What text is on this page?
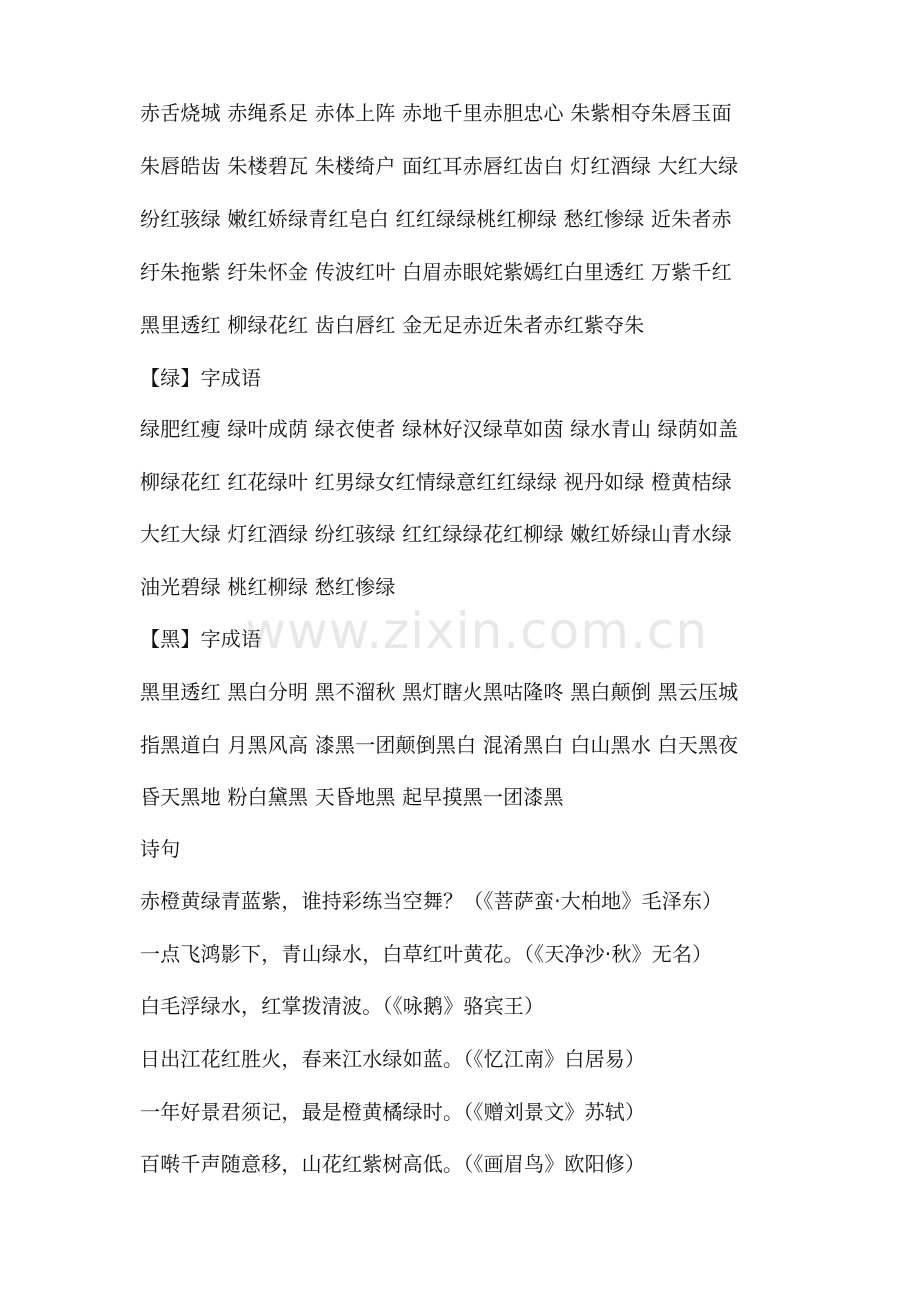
赤舌烧城 赤绳系足 赤体上阵 赤地千里赤胆忠心 朱紫相夺朱唇玉面
朱唇皓齿 朱楼碧瓦 朱楼绮户 面红耳赤唇红齿白 灯红酒绿 大红大绿
纷红骇绿 嫩红娇绿青红皂白 红红绿绿桃红柳绿 愁红惨绿 近朱者赤
纡朱拖紫 纡朱怀金 传波红叶 白眉赤眼姹紫嫣红白里透红 万紫千红
黑里透红 柳绿花红 齿白唇红 金无足赤近朱者赤红紫夺朱
【绿】字成语
绿肥红瘦 绿叶成荫 绿衣使者 绿林好汉绿草如茵 绿水青山 绿荫如盖
柳绿花红 红花绿叶 红男绿女红情绿意红红绿绿 视丹如绿 橙黄桔绿
大红大绿 灯红酒绿 纷红骇绿 红红绿绿花红柳绿 嫩红娇绿山青水绿
油光碧绿 桃红柳绿 愁红惨绿
【黑】字成语
黑里透红 黑白分明 黑不溜秋 黑灯瞎火黑咕隆咚 黑白颠倒 黑云压城
指黑道白 月黑风高 漆黑一团颠倒黑白 混淆黑白 白山黑水 白天黑夜
昏天黑地 粉白黛黑 天昏地黑 起早摸黑一团漆黑
诗句
赤橙黄绿青蓝紫，谁持彩练当空舞？（《菩萨蛮·大柏地》毛泽东）
一点飞鸿影下，青山绿水，白草红叶黄花。（《天净沙·秋》无名）
白毛浮绿水，红掌拨清波。（《咏鹅》骆宾王）
日出江花红胜火，春来江水绿如蓝。（《忆江南》白居易）
一年好景君须记，最是橙黄橘绿时。（《赠刘景文》苏轼）
百啭千声随意移，山花红紫树高低。（《画眉鸟》欧阳修）
www.zixin.com.cn
